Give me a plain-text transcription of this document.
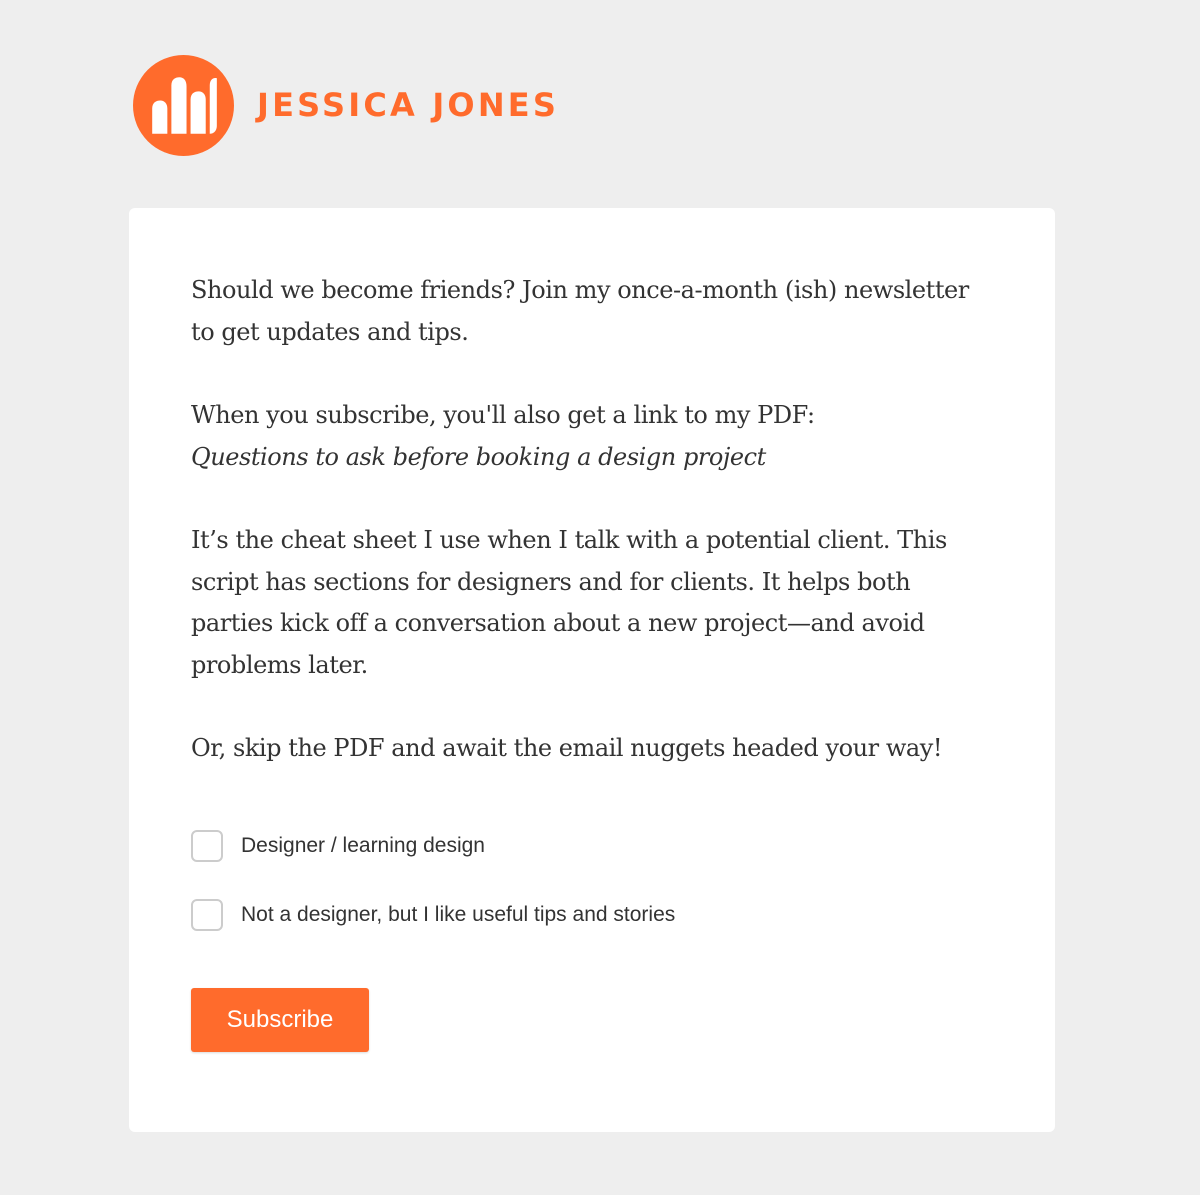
JESSICA JONES

Should we become friends? Join my once-a-month (ish) newsletter to get updates and tips.

When you subscribe, you'll also get a link to my PDF:
Questions to ask before booking a design project

It’s the cheat sheet I use when I talk with a potential client. This script has sections for designers and for clients. It helps both parties kick off a conversation about a new project—and avoid problems later.

Or, skip the PDF and await the email nuggets headed your way!

Designer / learning design
Not a designer, but I like useful tips and stories
Subscribe
